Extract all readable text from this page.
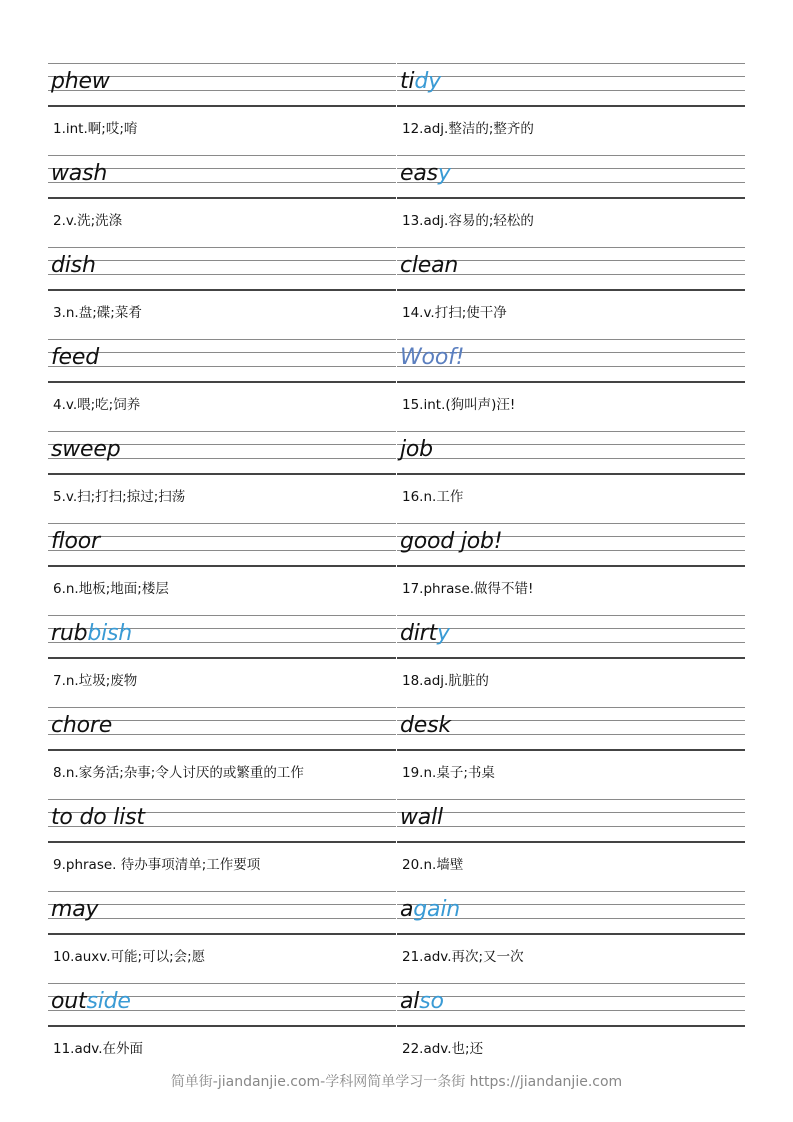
phew
1.int.啊;哎;唷
wash
2.v.洗;洗涤
dish
3.n.盘;碟;菜肴
feed
4.v.喂;吃;饲养
sweep
5.v.扫;打扫;掠过;扫荡
floor
6.n.地板;地面;楼层
rubbish
7.n.垃圾;废物
chore
8.n.家务活;杂事;令人讨厌的或繁重的工作
to do list
9.phrase. 待办事项清单;工作要项
may
10.auxv.可能;可以;会;愿
outside
11.adv.在外面
tidy
12.adj.整洁的;整齐的
easy
13.adj.容易的;轻松的
clean
14.v.打扫;使干净
Woof!
15.int.(狗叫声)汪!
job
16.n.工作
good job!
17.phrase.做得不错!
dirty
18.adj.肮脏的
desk
19.n.桌子;书桌
wall
20.n.墙壁
again
21.adv.再次;又一次
also
22.adv.也;还
简单街-jiandanjie.com-学科网简单学习一条街 https://jiandanjie.com
